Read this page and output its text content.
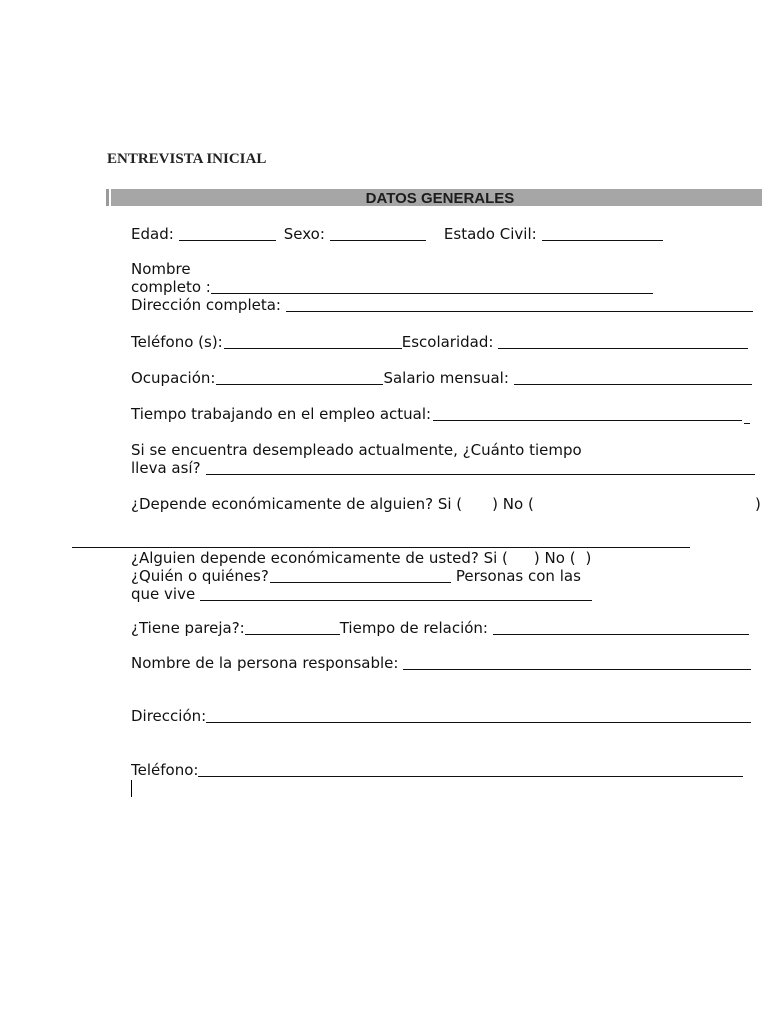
ENTREVISTA INICIAL
DATOS GENERALES
Edad:	Sexo:	Estado Civil:
Nombre
completo :
Dirección completa:
Teléfono (s):	Escolaridad:
Ocupación:	Salario mensual:
Tiempo trabajando en el empleo actual:
Si se encuentra desempleado actualmente, ¿Cuánto tiempo
lleva así?
¿Depende económicamente de alguien? Si ( ) No (	)
¿Alguien depende económicamente de usted? Si ( ) No ( )
¿Quién o quiénes?	Personas con las
que vive
¿Tiene pareja?:	Tiempo de relación:
Nombre de la persona responsable:
Dirección:
Teléfono:
